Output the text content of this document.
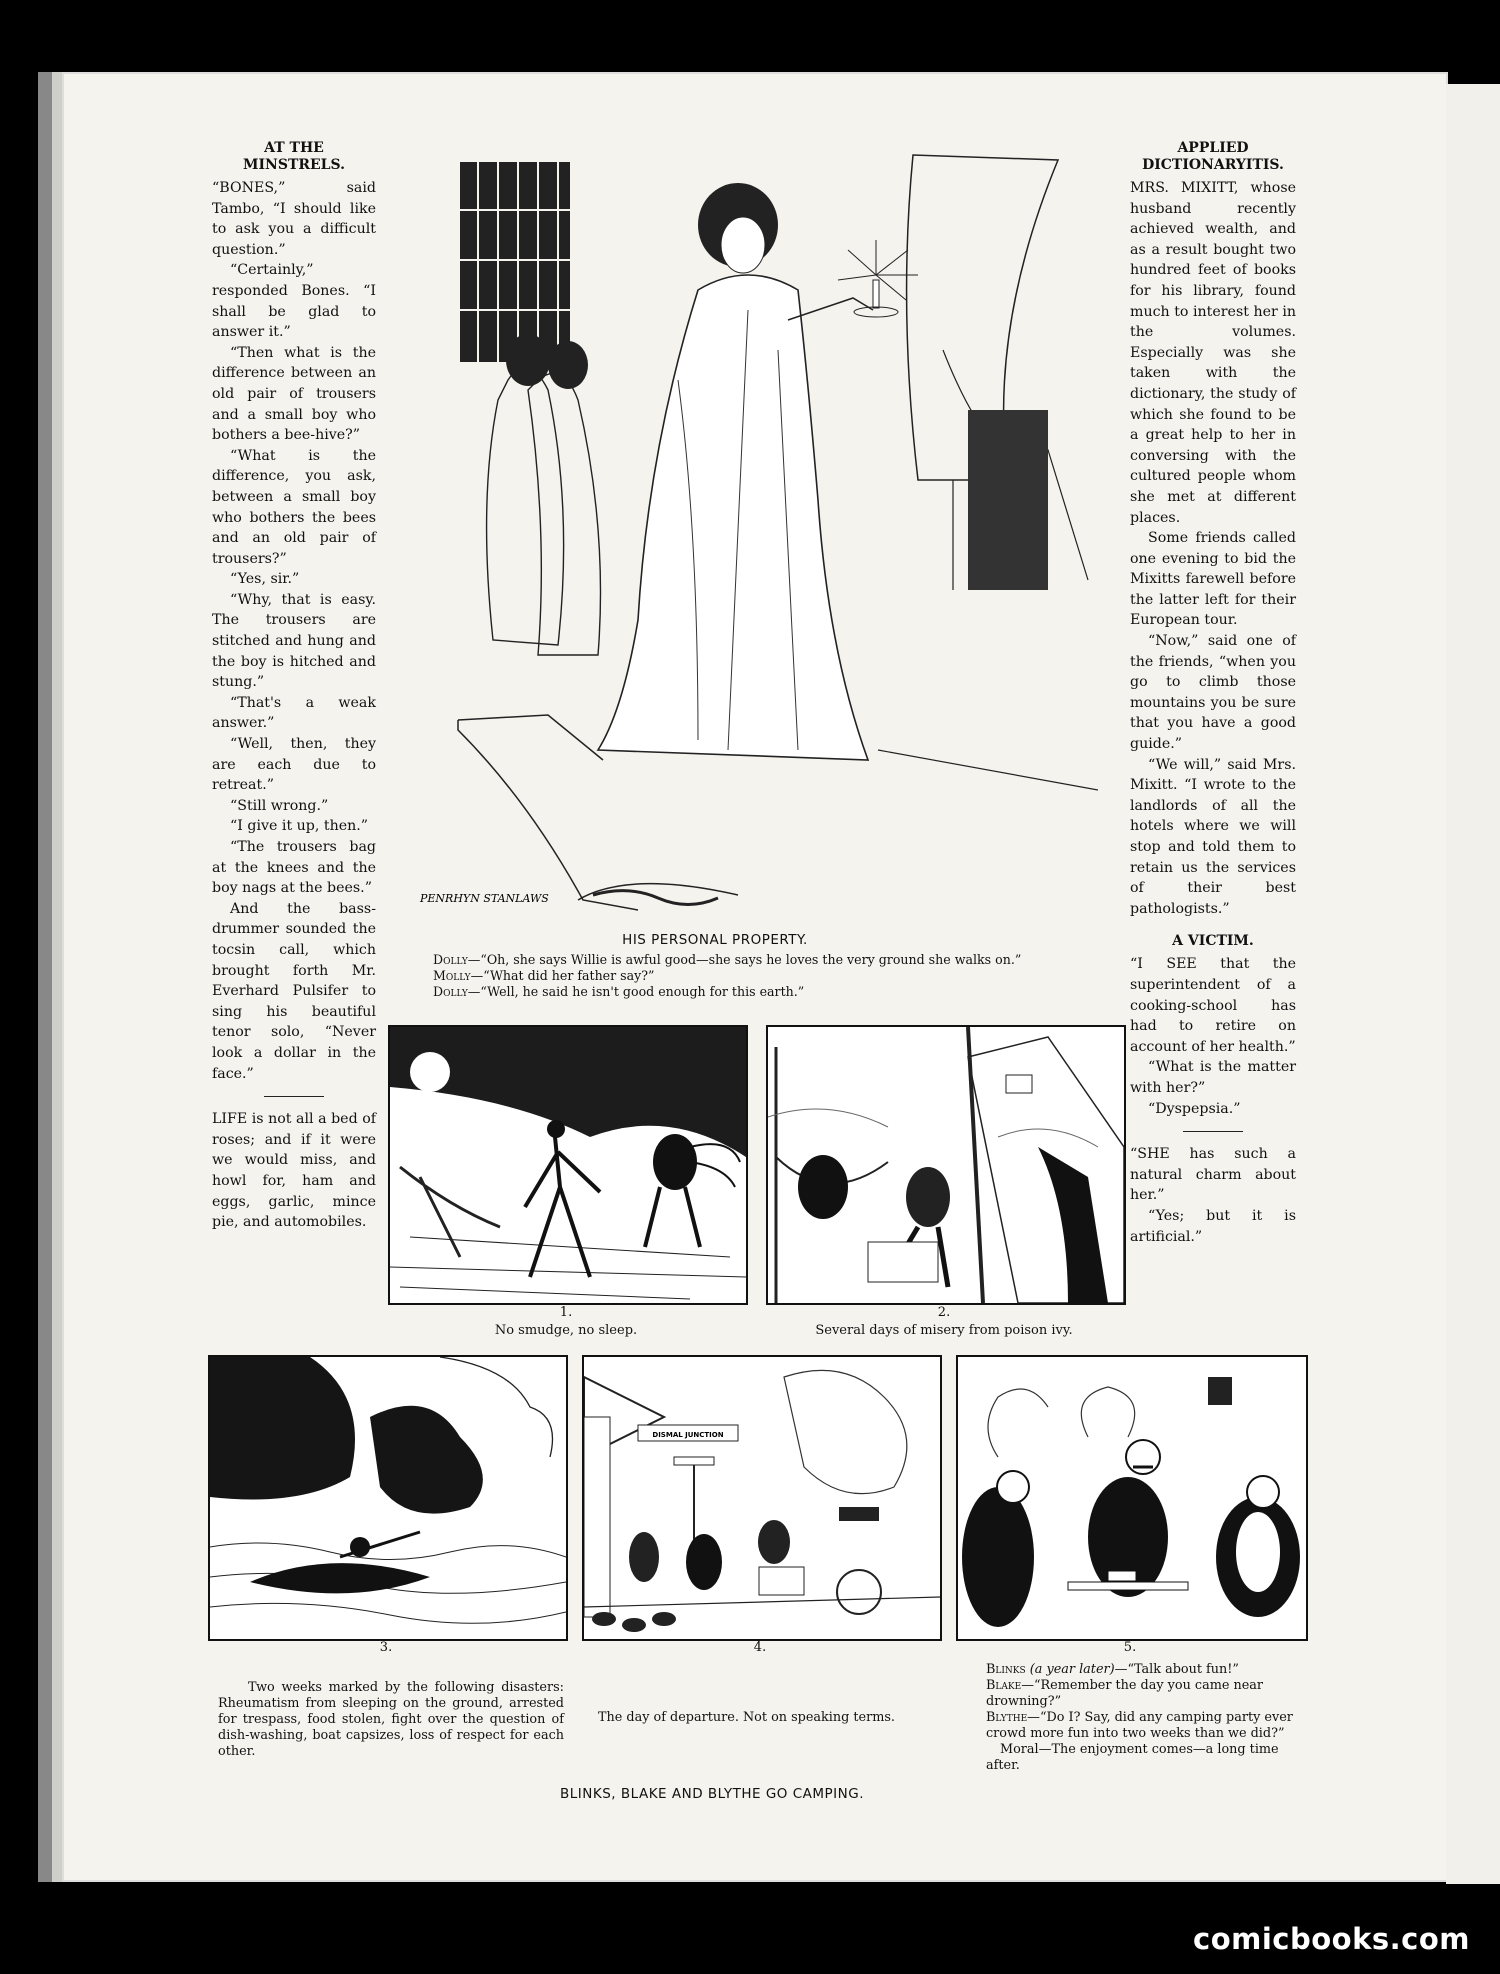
AT THE MINSTRELS.

“BONES,” said Tambo, “I should like to ask you a difficult question.”

“Certainly,” responded Bones. “I shall be glad to answer it.”

“Then what is the difference between an old pair of trousers and a small boy who bothers a bee-hive?”

“What is the difference, you ask, between a small boy who bothers the bees and an old pair of trousers?”

“Yes, sir.”

“Why, that is easy. The trousers are stitched and hung and the boy is hitched and stung.”

“That's a weak answer.”

“Well, then, they are each due to retreat.”

“Still wrong.”

“I give it up, then.”

“The trousers bag at the knees and the boy nags at the bees.”

And the bass-drummer sounded the tocsin call, which brought forth Mr. Everhard Pulsifer to sing his beautiful tenor solo, “Never look a dollar in the face.”

LIFE is not all a bed of roses; and if it were we would miss, and howl for, ham and eggs, garlic, mince pie, and automobiles.

APPLIED DICTIONARYITIS.

MRS. MIXITT, whose husband recently achieved wealth, and as a result bought two hundred feet of books for his library, found much to interest her in the volumes. Especially was she taken with the dictionary, the study of which she found to be a great help to her in conversing with the cultured people whom she met at different places.

Some friends called one evening to bid the Mixitts farewell before the latter left for their European tour.

“Now,” said one of the friends, “when you go to climb those mountains you be sure that you have a good guide.”

“We will,” said Mrs. Mixitt. “I wrote to the landlords of all the hotels where we will stop and told them to retain us the services of their best pathologists.”

A VICTIM.

“I SEE that the superintendent of a cooking-school has had to retire on account of her health.”

“What is the matter with her?”

“Dyspepsia.”

“SHE has such a natural charm about her.”

“Yes; but it is artificial.”

PENRHYN STANLAWS
HIS PERSONAL PROPERTY.
Dolly—“Oh, she says Willie is awful good—she says he loves the very ground she walks on.”
Molly—“What did her father say?”
Dolly—“Well, he said he isn't good enough for this earth.”
1.
No smudge, no sleep.
2.
Several days of misery from poison ivy.
3.
Two weeks marked by the following disasters: Rheumatism from sleeping on the ground, arrested for trespass, food stolen, fight over the question of dish-washing, boat capsizes, loss of respect for each other.
DISMAL JUNCTION
4.
The day of departure. Not on speaking terms.
5.
Blinks (a year later)—“Talk about fun!”
Blake—“Remember the day you came near drowning?”
Blythe—“Do I? Say, did any camping party ever crowd more fun into two weeks than we did?”
Moral—The enjoyment comes—a long time after.
BLINKS, BLAKE AND BLYTHE GO CAMPING.
comicbooks.com
